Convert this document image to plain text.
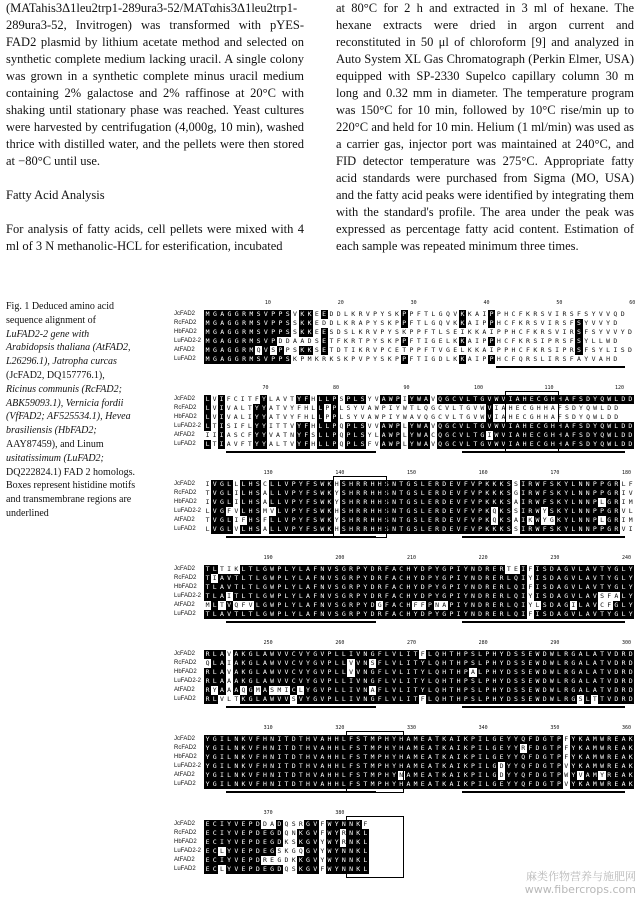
(MATahis3Δ1leu2trp1-289ura3-52/MATαhis3Δ1leu2trp1-289ura3-52, Invitrogen) was transformed with pYES-FAD2 plasmid by lithium acetate method and selected on synthetic complete medium lacking uracil. A single colony was grown in a synthetic complete minus uracil medium containing 2% galactose and 2% raffinose at 20°C with shaking until stationary phase was reached. Yeast cultures were harvested by centrifugation (4,000g, 10 min), washed thrice with distilled water, and the pellets were then stored at −80°C until use.

Fatty Acid Analysis

For analysis of fatty acids, cell pellets were mixed with 4 ml of 3 N methanolic-HCL for esterification, incubated

at 80°C for 2 h and extracted in 3 ml of hexane. The hexane extracts were dried in argon current and reconstituted in 50 μl of chloroform [9] and analyzed in Auto System XL Gas Chromatograph (Perkin Elmer, USA) equipped with SP-2330 Supelco capillary column 30 m long and 0.32 mm in diameter. The temperature program was 150°C for 10 min, followed by 10°C rise/min up to 220°C and held for 10 min. Helium (1 ml/min) was used as a carrier gas, injector port was maintained at 240°C, and FID detector temperature was 275°C. Appropriate fatty acid standards were purchased from Sigma (MO, USA) and the fatty acid peaks were identified by integrating them with the standard's profile. The area under the peak was expressed as percentage fatty acid content. Estimation of each sample was repeated minimum three times.

Fig. 1 Deduced amino acid
sequence alignment of
LuFAD2-2 gene with
Arabidopsis thaliana (AtFAD2,
L26296.1), Jatropha curcas
(JcFAD2, DQ157776.1),
Ricinus communis (RcFAD2;
ABK59093.1), Vernicia fordii
(VfFAD2; AF525534.1), Hevea
brasiliensis (HbFAD2;
AAY87459), and Linum
usitatissimum (LuFAD2;
DQ222824.1) FAD 2 homologs.
Boxes represent histidine motifs
and transmembrane regions are
underlined
10	20	30	40	50	60
JcFAD2	M G A G G R M S V P P S V K K E E D D L K R V P Y S K P P F T L G Q V K K A I P P H C F K R S V I R S F S Y V V Q D
RcFAD2	M G A G G R M S V P P S S K K E D D L K R A P Y S K P P F T L G Q V K K A I P P H C F K R S V I R S F S Y V V Y D
HbFAD2	M G A G G R M S V P P S S K K E E S D S L K R V P Y S K P P F T L S E I K K A I P P H C F K R S V I R S F S Y V V Y D
LuFAD2-2 M G A G G R M S V P D D A A D S E T F K R T P Y S K P P F T I G E L K K A I P P H C F K R S I P R S F S Y L L W D
AtFAD2	M G A G G R M Q V S P P S K K S E T D T I K R V P C E T P P F T V G E L K K A I P P H C F K R S I P R S F S Y L I S D
LuFAD2	M G A G G R M S V P P S K P M K R K S K P V P Y S K P P F T I G D L K K A I P P H C F Q R S L I R S F A Y V A H D
70	80	90	100	110	120
JcFAD2	L V I F C I T F Y L A V T Y F H L L P S P L S Y V A W P I Y W A V Q G C V L T G V W V I A H E C G H H A F S D Y Q W L D D
RcFAD2	L V I V A L T Y Y A T V Y F H L L P P L S Y V A W P I Y W T L Q G C V L T G V W V I A H E C G H H A F S D Y Q W L D D
HbFAD2	L V I V A L I Y Y A T V Y F H L L P P L S Y V A W P I Y W A V Q G C V L T G V W V I A H E C G H H A F S D Y Q W L D D
LuFAD2-2 L T I S I F L Y Y I T T V Y F H L L P Q P L S V V A W P L Y W A V Q G C V L T G V W V I A H E C G H H A F S D Y Q W L D D
AtFAD2	I I I A S C F Y Y V A T N Y F S L L P Q P L S Y L A W P L Y W A C Q G C V L T G I W V I A H E C G H H A F S D Y Q W L D D
LuFAD2	L T I A V F T Y Y A L T V Y F H L L P Q P L S F V A W P L Y W A V Q G C V L T G V W V I A H E C G H H A F S D Y Q W L D D
130	140	150	160	170	180
JcFAD2	I V G L L L H S C L L V P Y F S W K H S H R R H H S N T G S L E R D E V F V P K K K S S I R W F S K Y L N N P P G R L F
RcFAD2	T V G L I L H S A L L V P Y F S W K Y S H R R H H S N T G S L E R D E V F V P K K K S G I R W F S K Y L N N P P G R I V
HbFAD2	I V G L I L H S A L L V P Y F S W K Y S H R R H H S N T G S L E R D E V F V P K K K S A I R W F S K Y L N N P L G R I M
LuFAD2-2 L V G F V L H S M V L V P Y F S W K H S H R R H H S N T G S L E R D E V F V P K Q K S S I R W Y S K Y L N N P P G R V L
AtFAD2	T V G L I F H S F L L V P Y F S W K Y S H R R H H S N T G S L E R D E V F V P K Q K S A I K W Y G K Y L N N P L G R I M
LuFAD2	L V G L V L H S A L L V P Y F S W K H S H R R H H S N T G S L E R D E V F V P K K K S S I R W F S K Y L N N P P G R V I
190	200	210	220	230	240
JcFAD2	T L T I K L T L G W P L Y L A F N V S G R P Y D R F A C H Y D P Y G P I Y N D R E R T E I F I S D A G V L A V T Y G L Y
RcFAD2	T I A V T L T L G W P L Y L A F N V S G R P Y D R F A C H Y D P Y G P I Y N D R E R L Q I Y I S D A G V L A V T Y G L Y
HbFAD2	T L A V T L T L G W P L Y L A F N V S G R P Y D R F A C H Y D P Y G P I Y N D R E R L Q I F I S D A G V L A V T Y G L Y
LuFAD2-2 T L A I T L T L G W P L Y L A F N V S G R P Y D R F A C H Y D P Y G P I Y N D R E R L Q I Y I S D A G V L A V S F A L Y
AtFAD2	M L T V Q F V L G W P L Y L A F N V S G R P Y D G F A C H F F P N A P I Y N D R E R L Q I Y L S D A G I L A V C F G L Y
LuFAD2	T L A V T L T L G W P L Y L A F N V S G R P Y D R F A C H Y D P Y G P I Y N D R E R L Q I F I S D A G V L A V T Y G L Y
250	260	270	280	290	300
JcFAD2	R L A V A K G L A W V V C V Y G V P L L I V N G F L V L I T F L Q H T H P S L P H Y D S S E W D W L R G A L A T V D R D
RcFAD2	Q L A I A K G L A W V V C V Y G V P L L V V N S F L V L I T Y L Q H T H P S L P H Y D S S E W D W L R G A L A T V D R D
HbFAD2	R L A V A K G L A W V V C V Y G V P L L V V N G F L V L I T Y L Q H T H P A L P H Y D S S E W D W L R G A L A T V D R D
LuFAD2-2 R L A A A K G L A W V V C V Y G V P L L I V N G F L V L I T Y L Q H T H P S L P H Y D S S E W D W L R G A L A T V D R D
AtFAD2	R Y A A A Q G M A S M I C L Y G V P L L I V N A F L V L I T Y L Q H T H P S L P H Y D S S E W D W L R G A L A T V D R D
LuFAD2	R L V L T K G L A W V V S V Y G V P L L I V N G F L V L I T F L Q H T H P S L P H Y D S S E W D W L R G S L T T V D R D
310	320	330	340	350	360
JcFAD2	Y G I L N K V F H N I T D T H V A H H L F S T M P H Y H A M E A T K A I K P I L G E Y Y Q F D G T P F Y K A M W R E A K
RcFAD2	Y G I L N K V F H N I T D T H V A H H L F S T M P H Y H A M E A T K A I K P I L G E Y Y R F D G T P F Y K A M W R E A K
HbFAD2	Y G I L N K V F H N I T D T H V A H H L F S T M P H Y H A M E A T K A I K P I L G E Y Y Q F D G T P F Y K A M W R E A K
LuFAD2-2 Y G I L N K V F H N I T D T H V A H H L F S T M P H Y H A M E A T K A I K P I L G D Y Y Q F D G T P V Y K A M W R E A K
AtFAD2	Y G I L N K V F H N I T D T H V A H H L F S T M P H Y N A M E A T K A I K P I L G D Y Y Q F D G T P W Y V A M Y R E A K
LuFAD2	Y G I L N K V F H N I T D T H V A H H L F S T M P H Y H A M E A T K A I K P I L G E Y Y Q F D G T P V Y K A M W R E A K
370	380
JcFAD2	E C I Y V E P D D A D Q S R G V F W Y N N K F
RcFAD2	E C I Y V E P D E G D Q N K G V F W Y R N K L
HbFAD2	E C I Y V E P D E G D K S K G V Y W Y R N K L
LuFAD2-2 E C L Y V E P D E G S K G Q G V Y W Y N N K L
AtFAD2	E C I Y V E P D R E G D K K G V Y W Y N N K L
LuFAD2	E C L Y V E P D E G D Q S K G V F W Y N N K L
麻类作物营养与施肥网
www.fibercrops.com
